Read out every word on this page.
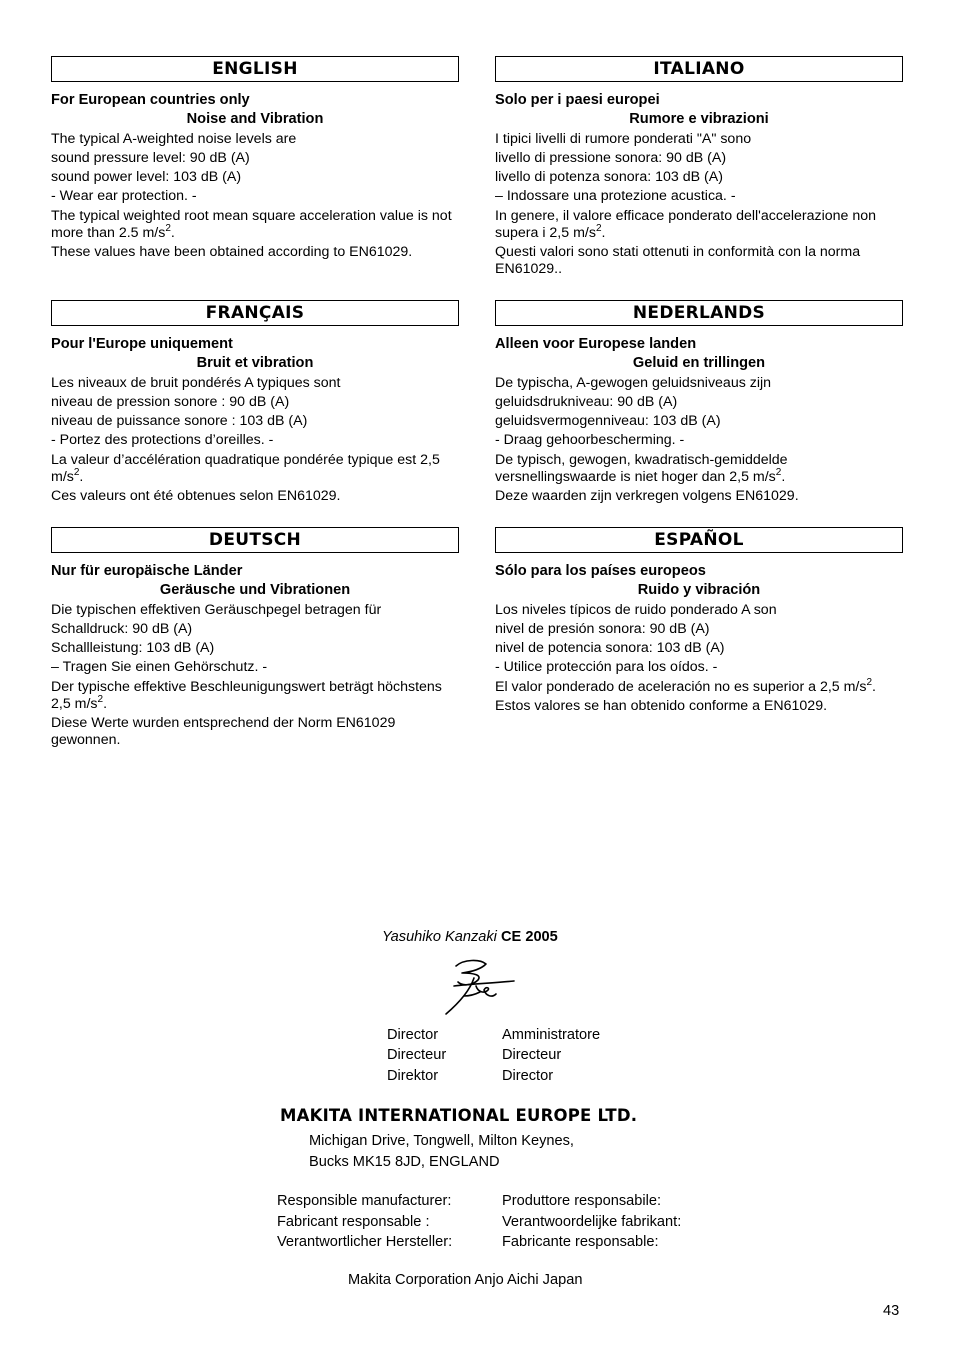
ENGLISH
For European countries only
Noise and Vibration
The typical A-weighted noise levels are
sound pressure level: 90 dB (A)
sound power level: 103 dB (A)
- Wear ear protection. -
The typical weighted root mean square acceleration value is not more than 2.5 $m/s^2$.
These values have been obtained according to EN61029.
ITALIANO
Solo per i paesi europei
Rumore e vibrazioni
I tipici livelli di rumore ponderati "A" sono
livello di pressione sonora: 90 dB (A)
livello di potenza sonora: 103 dB (A)
– Indossare una protezione acustica. -
In genere, il valore efficace ponderato dell'accelerazione non supera i 2,5 $m/s^2$.
Questi valori sono stati ottenuti in conformità con la norma EN61029..
FRANÇAIS
Pour l'Europe uniquement
Bruit et vibration
Les niveaux de bruit pondérés A typiques sont
niveau de pression sonore : 90 dB (A)
niveau de puissance sonore : 103 dB (A)
- Portez des protections d’oreilles. -
La valeur d’accélération quadratique pondérée typique est 2,5 $m/s^2$.
Ces valeurs ont été obtenues selon EN61029.
NEDERLANDS
Alleen voor Europese landen
Geluid en trillingen
De typischa, A-gewogen geluidsniveaus zijn
geluidsdrukniveau: 90 dB (A)
geluidsvermogenniveau: 103 dB (A)
- Draag gehoorbescherming. -
De typisch, gewogen, kwadratisch-gemiddelde versnellingswaarde is niet hoger dan 2,5 $m/s^2$.
Deze waarden zijn verkregen volgens EN61029.
DEUTSCH
Nur für europäische Länder
Geräusche und Vibrationen
Die typischen effektiven Geräuschpegel betragen für
Schalldruck: 90 dB (A)
Schallleistung: 103 dB (A)
– Tragen Sie einen Gehörschutz. -
Der typische effektive Beschleunigungswert beträgt höchstens 2,5 $m/s^2$.
Diese Werte wurden entsprechend der Norm EN61029 gewonnen.
ESPAÑOL
Sólo para los países europeos
Ruido y vibración
Los niveles típicos de ruido ponderado A son
nivel de presión sonora: 90 dB (A)
nivel de potencia sonora: 103 dB (A)
- Utilice protección para los oídos. -
El valor ponderado de aceleración no es superior a 2,5 $m/s^2$.
Estos valores se han obtenido conforme a EN61029.
Yasuhiko Kanzaki CE 2005
Director
Directeur
Direktor
Amministratore
Directeur
Director
MAKITA INTERNATIONAL EUROPE LTD.
Michigan Drive, Tongwell, Milton Keynes,
Bucks MK15 8JD, ENGLAND
Responsible manufacturer:
Fabricant responsable :
Verantwortlicher Hersteller:
Produttore responsabile:
Verantwoordelijke fabrikant:
Fabricante responsable:
Makita Corporation Anjo Aichi Japan
43
